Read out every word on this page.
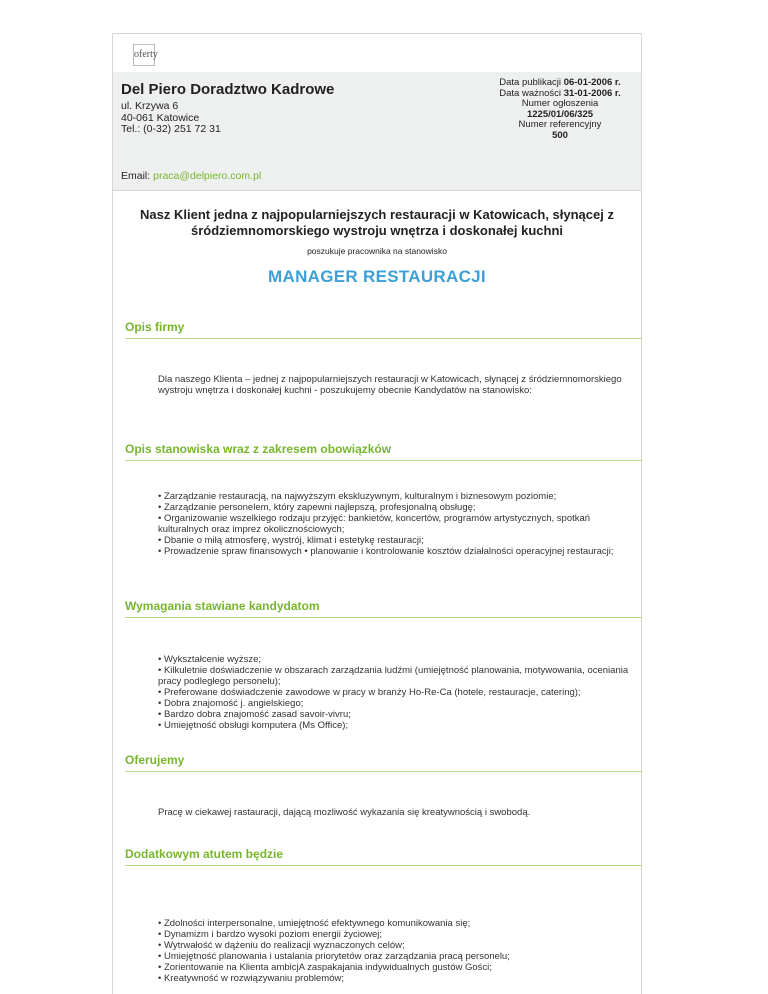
oferty
Del Piero Doradztwo Kadrowe
ul. Krzywa 6
40-061 Katowice
Tel.: (0-32) 251 72 31
Email: praca@delpiero.com.pl
Data publikacji 06-01-2006 r.
Data ważności 31-01-2006 r.
Numer ogłoszenia
1225/01/06/325
Numer referencyjny
500
Nasz Klient jedna z najpopularniejszych restauracji w Katowicach, słynącej z śródziemnomorskiego wystroju wnętrza i doskonałej kuchni
poszukuje pracownika na stanowisko
MANAGER RESTAURACJI
Opis firmy

Dla naszego Klienta – jednej z najpopularniejszych restauracji w Katowicach, słynącej z śródziemnomorskiego wystroju wnętrza i doskonałej kuchni - poszukujemy obecnie Kandydatów na stanowisko:

Opis stanowiska wraz z zakresem obowiązków

• Zarządzanie restauracją, na najwyższym ekskluzywnym, kulturalnym i biznesowym poziomie;

• Zarządzanie personelem, który zapewni najlepszą, profesjonalną obsługę;

• Organizowanie wszelkiego rodzaju przyjęć: bankietów, koncertów, programów artystycznych, spotkań kulturalnych oraz imprez okolicznościowych;

• Dbanie o miłą atmosferę, wystrój, klimat i estetykę restauracji;

• Prowadzenie spraw finansowych • planowanie i kontrolowanie kosztów działalności operacyjnej restauracji;

Wymagania stawiane kandydatom

• Wykształcenie wyższe;

• Kilkuletnie doświadczenie w obszarach zarządzania ludźmi (umiejętność planowania, motywowania, oceniania pracy podległego personelu);

• Preferowane doświadczenie zawodowe w pracy w branży Ho-Re-Ca (hotele, restauracje, catering);

• Dobra znajomość j. angielskiego;

• Bardzo dobra znajomość zasad savoir-vivru;

• Umiejętność obsługi komputera (Ms Office);

Oferujemy

Pracę w ciekawej rastauracji, dającą mozliwość wykazania się kreatywnością i swobodą.

Dodatkowym atutem będzie

• Zdolności interpersonalne, umiejętność efektywnego komunikowania się;

• Dynamizm i bardzo wysoki poziom energii życiowej;

• Wytrwałość w dążeniu do realizacji wyznaczonych celów;

• Umiejętność planowania i ustalania priorytetów oraz zarządzania pracą personelu;

• Zorientowanie na Klienta ambicjA zaspakajania indywidualnych gustów Gości;

• Kreatywność w rozwiązywaniu problemów;
